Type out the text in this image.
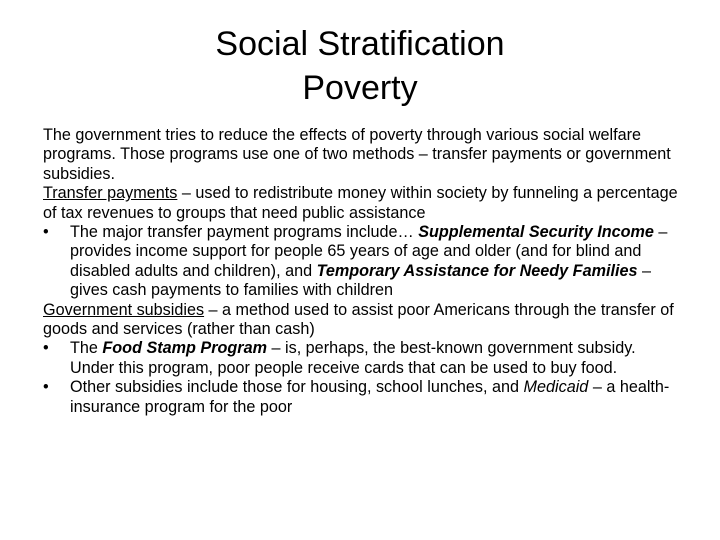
Social Stratification
Poverty

The government tries to reduce the effects of poverty through various social welfare programs. Those programs use one of two methods – transfer payments or government subsidies.

Transfer payments – used to redistribute money within society by funneling a percentage of tax revenues to groups that need public assistance

•	The major transfer payment programs include… Supplemental Security Income – provides income support for people 65 years of age and older (and for blind and disabled adults and children), and Temporary Assistance for Needy Families – gives cash payments to families with children

Government subsidies – a method used to assist poor Americans through the transfer of goods and services (rather than cash)

•	The Food Stamp Program – is, perhaps, the best-known government subsidy. Under this program, poor people receive cards that can be used to buy food.

•	Other subsidies include those for housing, school lunches, and Medicaid – a health-insurance program for the poor
